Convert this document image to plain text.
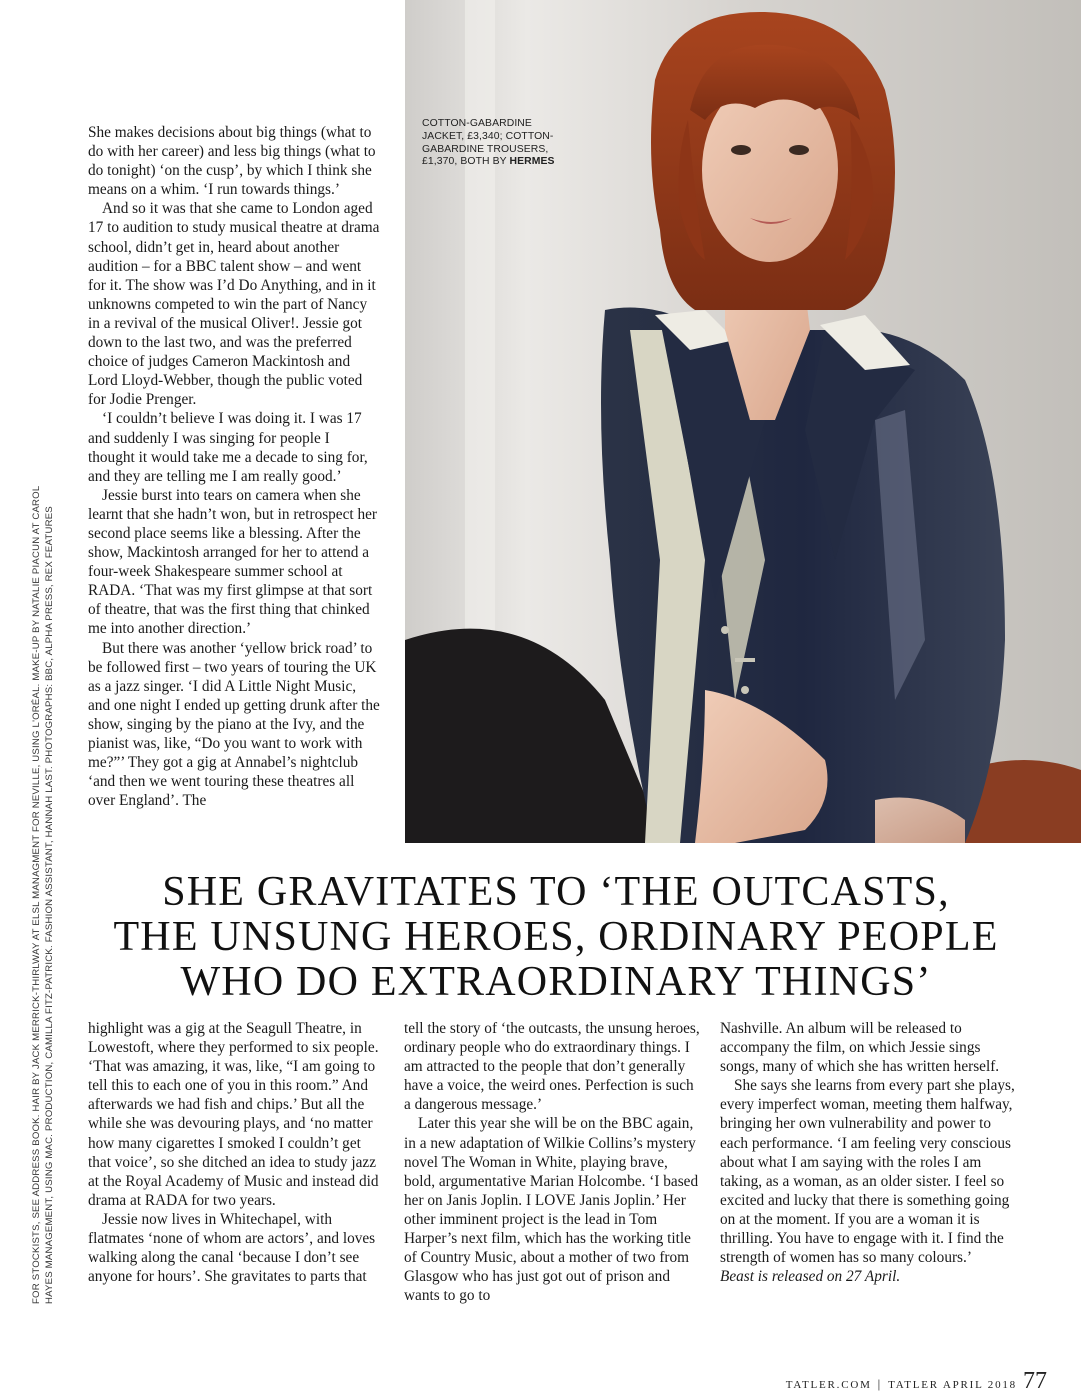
FOR STOCKISTS, SEE ADDRESS BOOK. HAIR BY JACK MERRICK-THIRLWAY AT ELSL MANAGMENT FOR NEVILLE, USING L'ORÉAL. MAKE-UP BY NATALIE PIACUN AT CAROL HAYES MANAGEMENT, USING MAC. PRODUCTION, CAMILLA FITZ-PATRICK. FASHION ASSISTANT, HANNAH LAST. PHOTOGRAPHS: BBC, ALPHA PRESS, REX FEATURES

She makes decisions about big things (what to do with her career) and less big things (what to do tonight) ‘on the cusp’, by which I think she means on a whim. ‘I run towards things.’

And so it was that she came to London aged 17 to audition to study musical theatre at drama school, didn’t get in, heard about another audition – for a BBC talent show – and went for it. The show was I’d Do Anything, and in it unknowns competed to win the part of Nancy in a revival of the musical Oliver!. Jessie got down to the last two, and was the preferred choice of judges Cameron Mackintosh and Lord Lloyd-Webber, though the public voted for Jodie Prenger.

‘I couldn’t believe I was doing it. I was 17 and suddenly I was singing for people I thought it would take me a decade to sing for, and they are telling me I am really good.’

Jessie burst into tears on camera when she learnt that she hadn’t won, but in retrospect her second place seems like a blessing. After the show, Mackintosh arranged for her to attend a four-week Shakespeare summer school at RADA. ‘That was my first glimpse at that sort of theatre, that was the first thing that chinked me into another direction.’

But there was another ‘yellow brick road’ to be followed first – two years of touring the UK as a jazz singer. ‘I did A Little Night Music, and one night I ended up getting drunk after the show, singing by the piano at the Ivy, and the pianist was, like, “Do you want to work with me?”’ They got a gig at Annabel’s nightclub ‘and then we went touring these theatres all over England’. The

COTTON-GABARDINE JACKET, £3,340; COTTON-GABARDINE TROUSERS, £1,370, BOTH BY HERMES
SHE GRAVITATES TO ‘THE OUTCASTS,
THE UNSUNG HEROES, ORDINARY PEOPLE
WHO DO EXTRAORDINARY THINGS’

highlight was a gig at the Seagull Theatre, in Lowestoft, where they performed to six people. ‘That was amazing, it was, like, “I am going to tell this to each one of you in this room.” And afterwards we had fish and chips.’ But all the while she was devouring plays, and ‘no matter how many cigarettes I smoked I couldn’t get that voice’, so she ditched an idea to study jazz at the Royal Academy of Music and instead did drama at RADA for two years.

Jessie now lives in Whitechapel, with flatmates ‘none of whom are actors’, and loves walking along the canal ‘because I don’t see anyone for hours’. She gravitates to parts that

tell the story of ‘the outcasts, the unsung heroes, ordinary people who do extraordinary things. I am attracted to the people that don’t generally have a voice, the weird ones. Perfection is such a dangerous message.’

Later this year she will be on the BBC again, in a new adaptation of Wilkie Collins’s mystery novel The Woman in White, playing brave, bold, argumentative Marian Holcombe. ‘I based her on Janis Joplin. I LOVE Janis Joplin.’ Her other imminent project is the lead in Tom Harper’s next film, which has the working title of Country Music, about a mother of two from Glasgow who has just got out of prison and wants to go to

Nashville. An album will be released to accompany the film, on which Jessie sings songs, many of which she has written herself.

She says she learns from every part she plays, every imperfect woman, meeting them halfway, bringing her own vulnerability and power to each performance. ‘I am feeling very conscious about what I am saying with the roles I am taking, as a woman, as an older sister. I feel so excited and lucky that there is something going on at the moment. If you are a woman it is thrilling. You have to engage with it. I find the strength of women has so many colours.’

Beast is released on 27 April.

TATLER.COM | TATLER APRIL 2018 77
